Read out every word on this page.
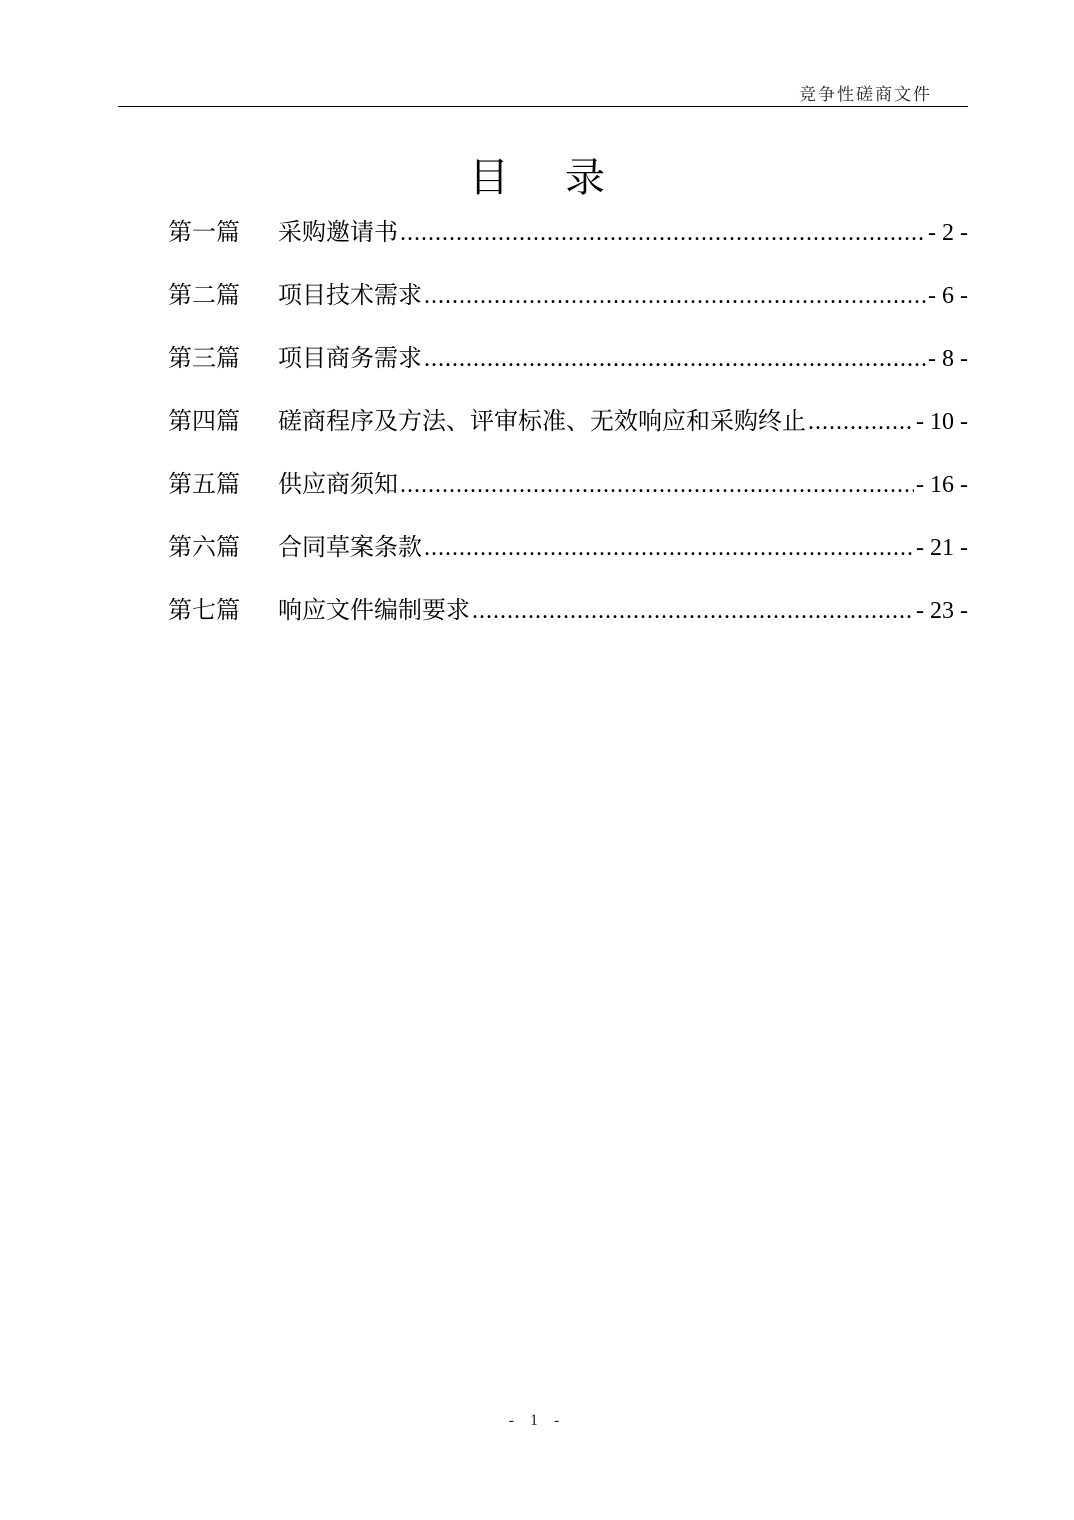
竞争性磋商文件
目录
第一篇	采购邀请书 .....	- 2 -
第二篇	项目技术需求 .....	- 6 -
第三篇	项目商务需求 .....	- 8 -
第四篇	磋商程序及方法、评审标准、无效响应和采购终止 .....	- 10 -
第五篇	供应商须知 .....	- 16 -
第六篇	合同草案条款 .....	- 21 -
第七篇	响应文件编制要求 .....	- 23 -
- 1 -
